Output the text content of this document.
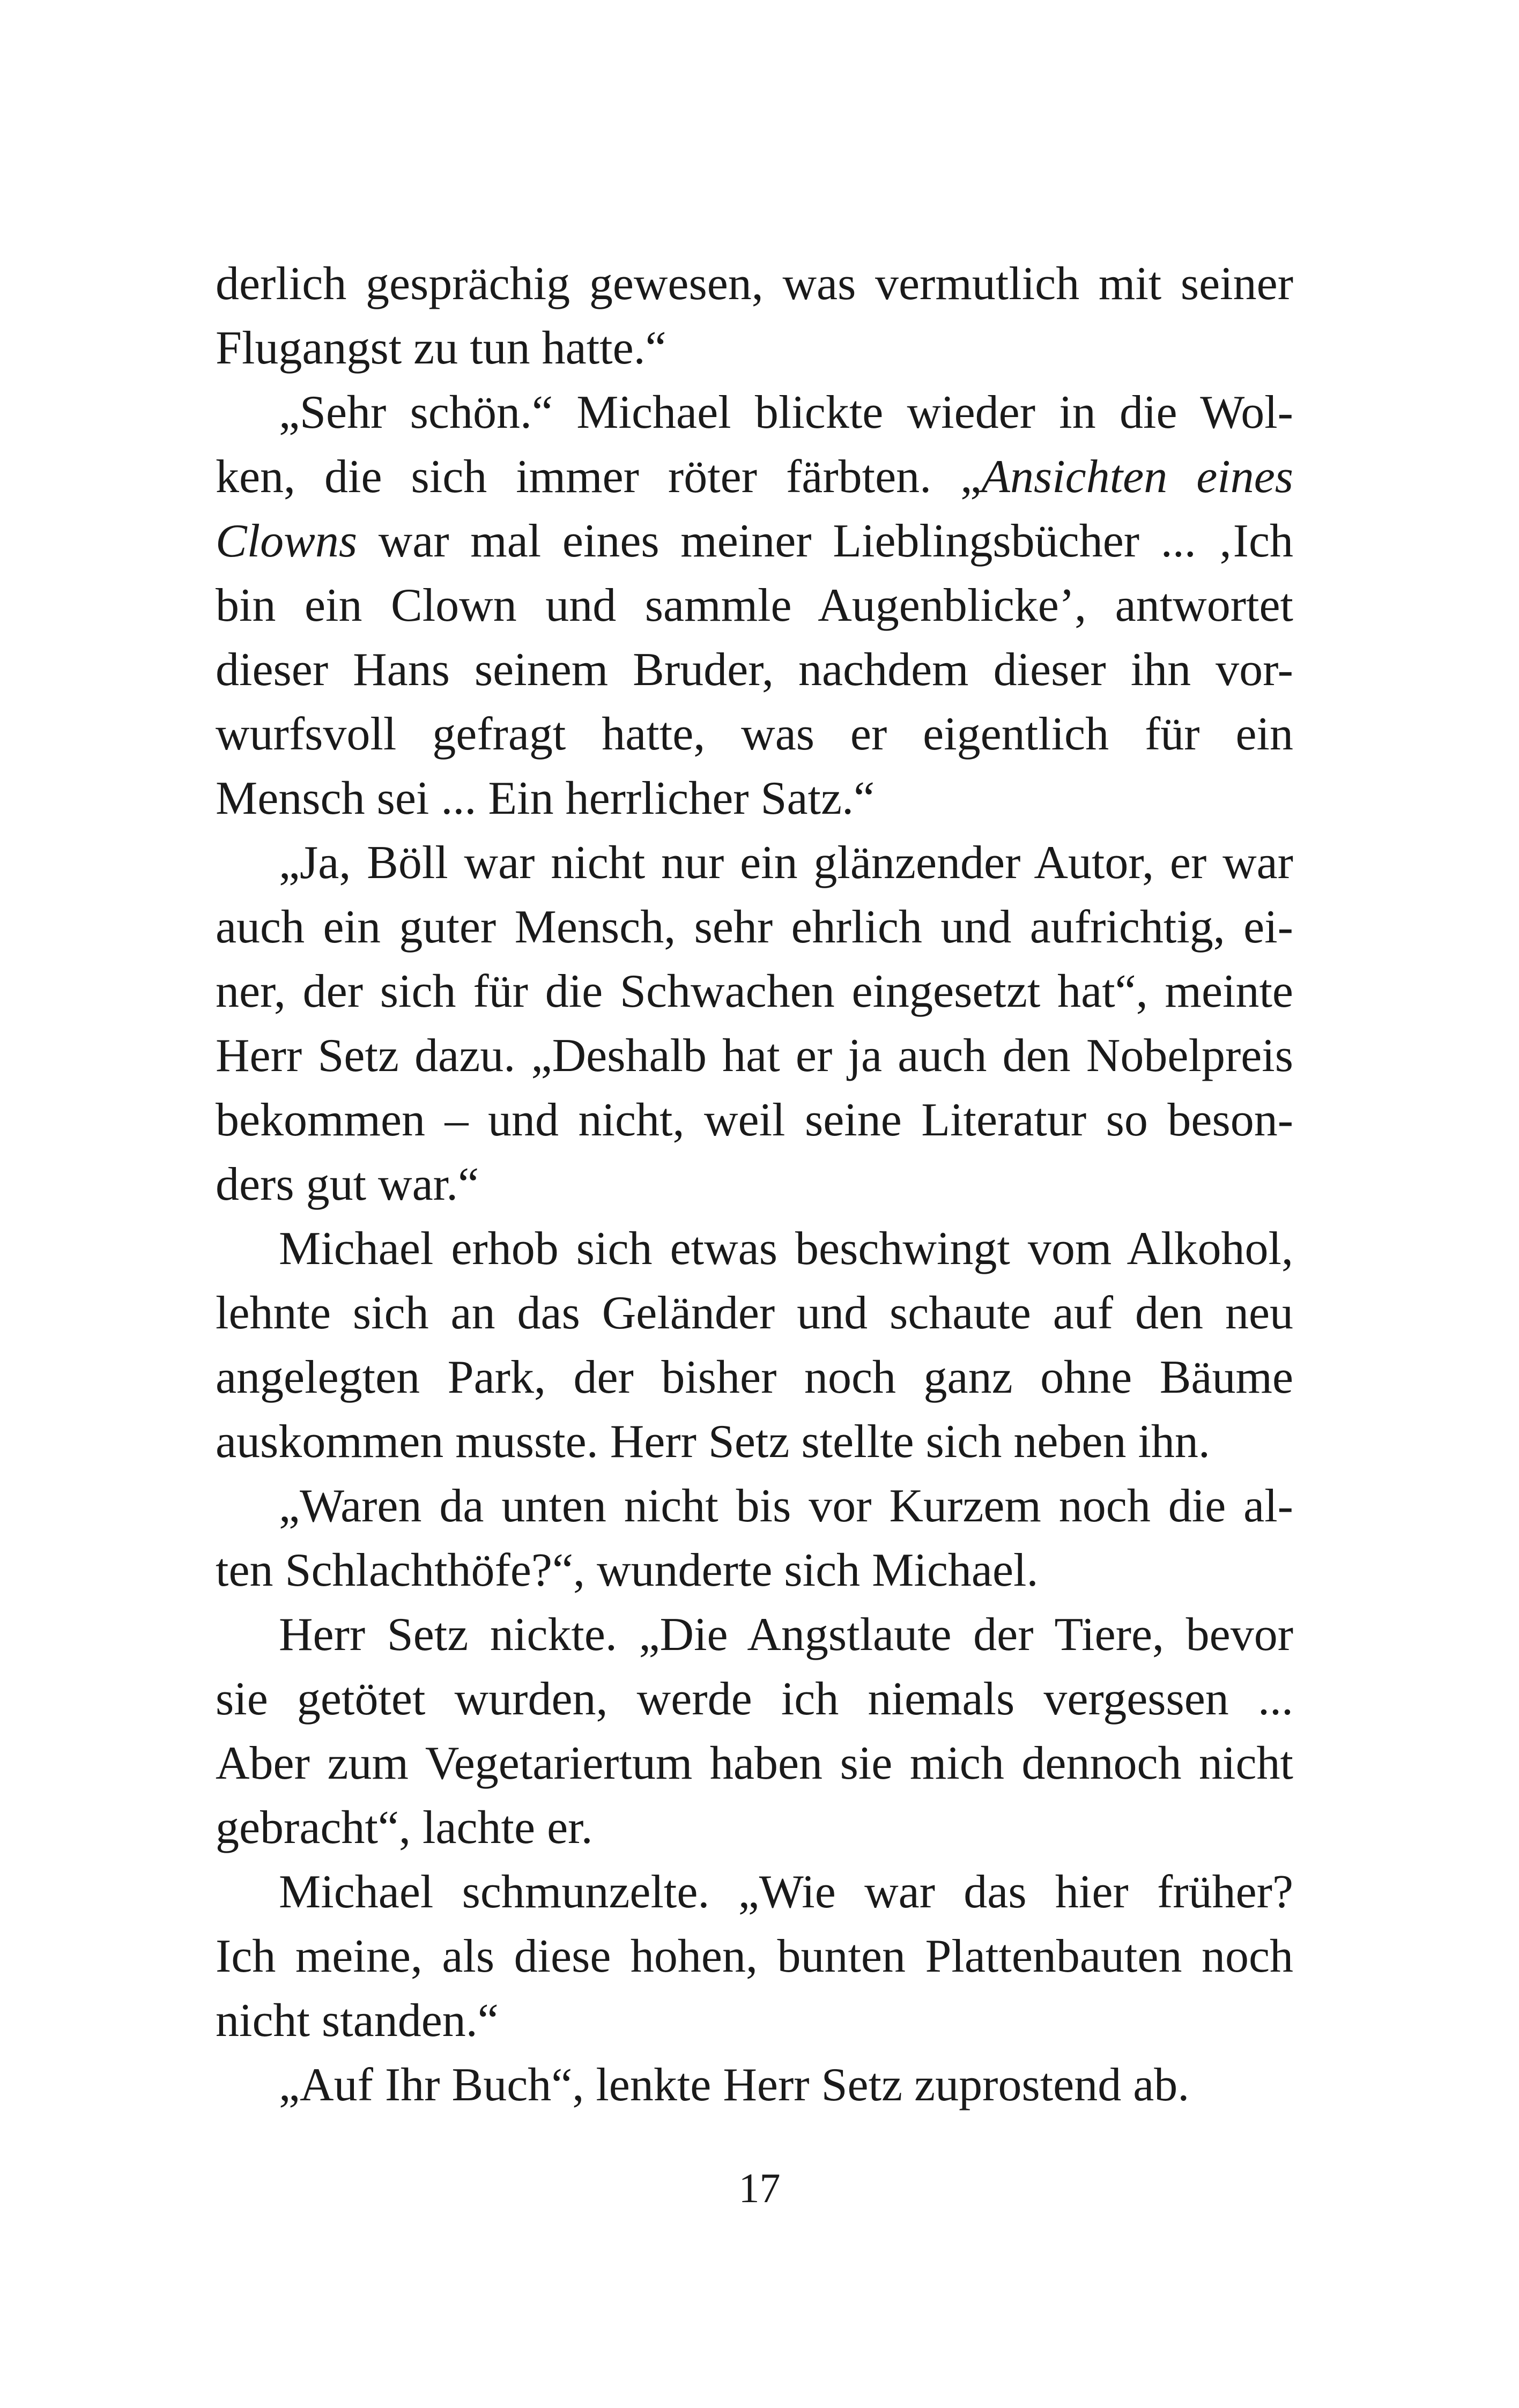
derlich gesprächig gewesen, was vermutlich mit seiner
Flugangst zu tun hatte.“
„Sehr schön.“ Michael blickte wieder in die Wol-
ken, die sich immer röter färbten. „Ansichten eines
Clowns war mal eines meiner Lieblingsbücher ... ‚Ich
bin ein Clown und sammle Augenblicke’, antwortet
dieser Hans seinem Bruder, nachdem dieser ihn vor-
wurfsvoll gefragt hatte, was er eigentlich für ein
Mensch sei ... Ein herrlicher Satz.“
„Ja, Böll war nicht nur ein glänzender Autor, er war
auch ein guter Mensch, sehr ehrlich und aufrichtig, ei-
ner, der sich für die Schwachen eingesetzt hat“, meinte
Herr Setz dazu. „Deshalb hat er ja auch den Nobelpreis
bekommen – und nicht, weil seine Literatur so beson-
ders gut war.“
Michael erhob sich etwas beschwingt vom Alkohol,
lehnte sich an das Geländer und schaute auf den neu
angelegten Park, der bisher noch ganz ohne Bäume
auskommen musste. Herr Setz stellte sich neben ihn.
„Waren da unten nicht bis vor Kurzem noch die al-
ten Schlachthöfe?“, wunderte sich Michael.
Herr Setz nickte. „Die Angstlaute der Tiere, bevor
sie getötet wurden, werde ich niemals vergessen ...
Aber zum Vegetariertum haben sie mich dennoch nicht
gebracht“, lachte er.
Michael schmunzelte. „Wie war das hier früher?
Ich meine, als diese hohen, bunten Plattenbauten noch
nicht standen.“
„Auf Ihr Buch“, lenkte Herr Setz zuprostend ab.
17
